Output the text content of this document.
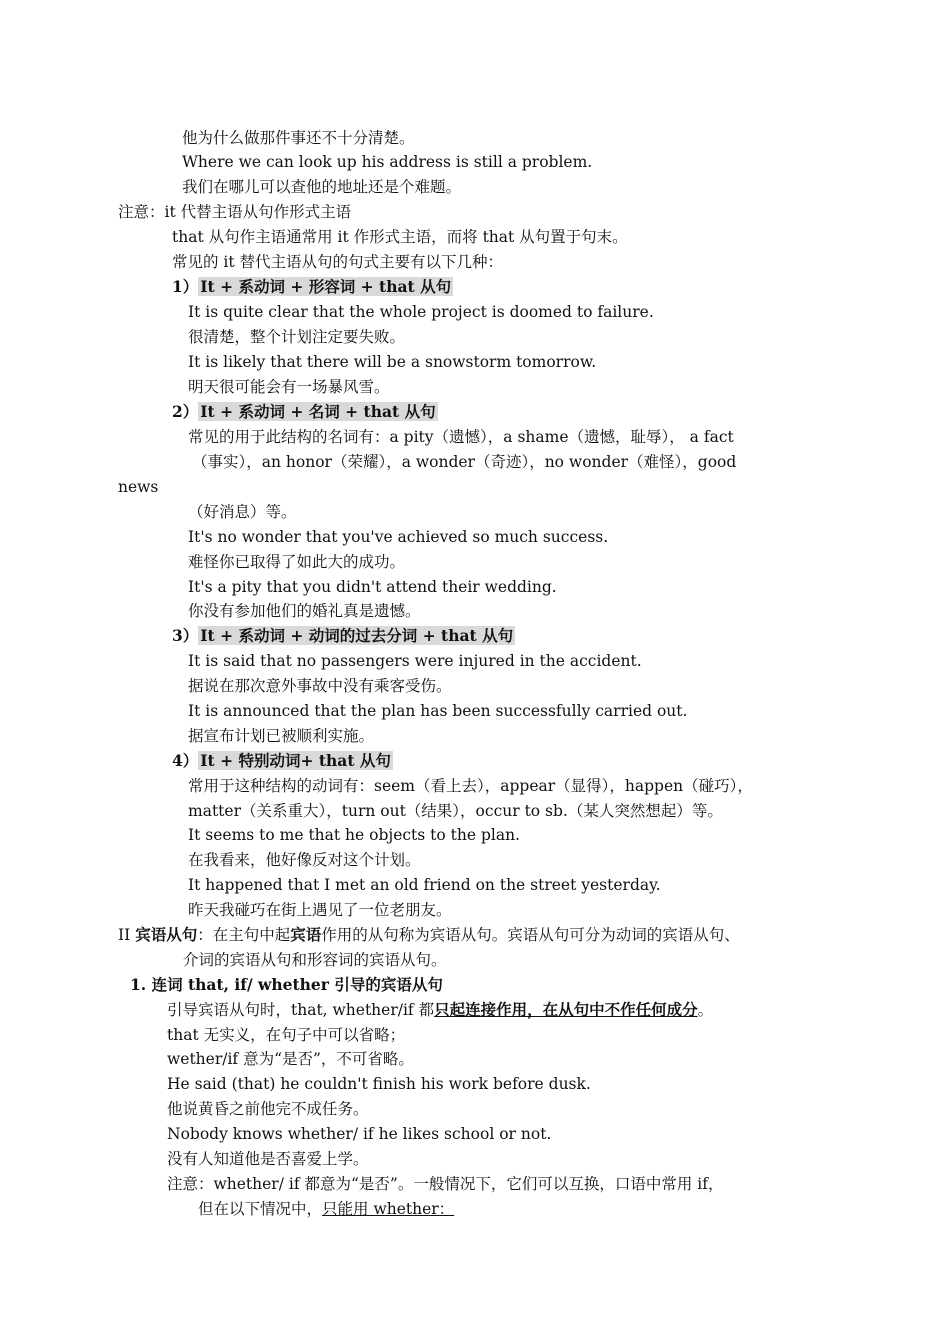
他为什么做那件事还不十分清楚。
Where we can look up his address is still a problem.
我们在哪儿可以查他的地址还是个难题。
注意：it 代替主语从句作形式主语
that 从句作主语通常用 it 作形式主语，而将 that 从句置于句末。
常见的 it 替代主语从句的句式主要有以下几种：
1） It + 系动词 + 形容词 + that 从句
It is quite clear that the whole project is doomed to failure.
很清楚，整个计划注定要失败。
It is likely that there will be a snowstorm tomorrow.
明天很可能会有一场暴风雪。
2） It + 系动词 + 名词 + that 从句
常见的用于此结构的名词有：a pity（遗憾），a shame（遗憾，耻辱）， a fact
（事实），an honor（荣耀），a wonder（奇迹），no wonder（难怪），good
news
（好消息）等。
It's no wonder that you've achieved so much success.
难怪你已取得了如此大的成功。
It's a pity that you didn't attend their wedding.
你没有参加他们的婚礼真是遗憾。
3） It + 系动词 + 动词的过去分词 + that 从句
It is said that no passengers were injured in the accident.
据说在那次意外事故中没有乘客受伤。
It is announced that the plan has been successfully carried out.
据宣布计划已被顺利实施。
4） It + 特别动词+ that 从句
常用于这种结构的动词有：seem（看上去），appear（显得），happen（碰巧），
matter（关系重大），turn out（结果），occur to sb.（某人突然想起）等。
It seems to me that he objects to the plan.
在我看来，他好像反对这个计划。
It happened that I met an old friend on the street yesterday.
昨天我碰巧在街上遇见了一位老朋友。
II 宾语从句：在主句中起宾语作用的从句称为宾语从句。宾语从句可分为动词的宾语从句、
介词的宾语从句和形容词的宾语从句。
1. 连词 that, if/ whether 引导的宾语从句
引导宾语从句时，that, whether/if 都只起连接作用，在从句中不作任何成分。
that 无实义，在句子中可以省略；
wether/if 意为“是否”，不可省略。
He said (that) he couldn't finish his work before dusk.
他说黄昏之前他完不成任务。
Nobody knows whether/ if he likes school or not.
没有人知道他是否喜爱上学。
注意：whether/ if 都意为“是否”。一般情况下，它们可以互换，口语中常用 if，
但在以下情况中，只能用 whether：
